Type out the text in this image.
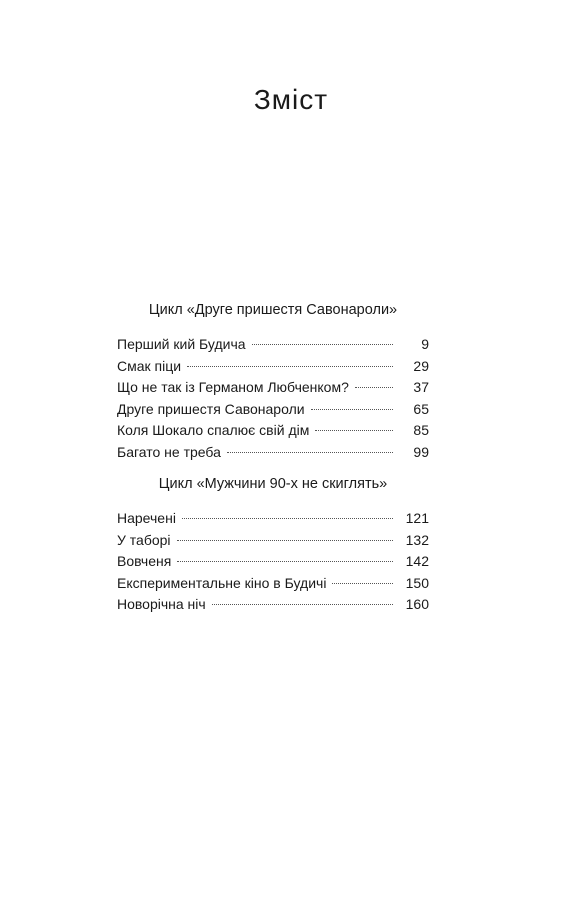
Зміст
Цикл «Друге пришестя Савонароли»
Перший кий Будича	9
Смак піци	29
Що не так із Германом Любченком?	37
Друге пришестя Савонароли	65
Коля Шокало спалює свій дім	85
Багато не треба	99
Цикл «Мужчини 90-х не скиглять»
Наречені	121
У таборі	132
Вовченя	142
Експериментальне кіно в Будичі	150
Новорічна ніч	160
